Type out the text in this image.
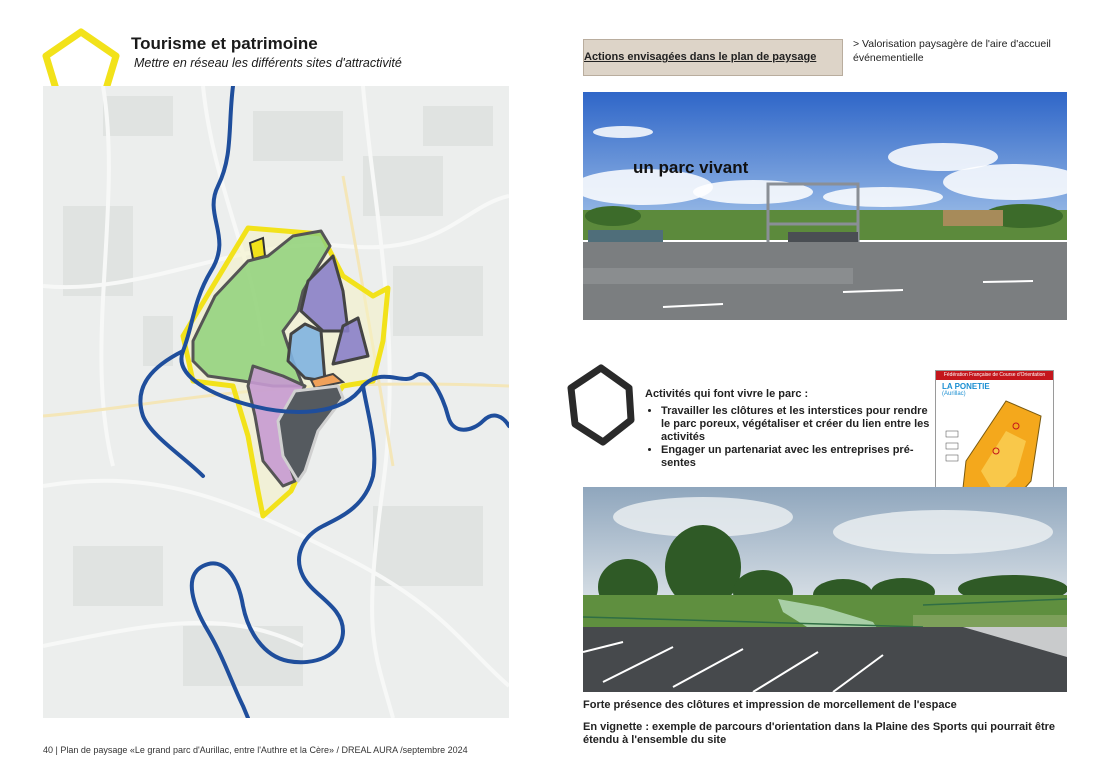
Tourisme et patrimoine
Mettre en réseau les différents sites d'attractivité	Actions envisagées dans le plan de paysage
> Valorisation paysagère de l'aire d'accueil événementielle
un parc vivant
Activités qui font vivre le parc :
• Travailler les clôtures et les interstices pour rendre le parc poreux, végétaliser et créer du lien entre les activités
• Engager un partenariat avec les entreprises pré-sentes
Fédération Française de Course d'Orientation
LA PONETIE
(Aurillac)
Forte présence des clôtures et impression de morcellement de l'espace
En vignette : exemple de parcours d'orientation dans la Plaine des Sports qui pourrait être étendu à l'ensemble du site
40 | Plan de paysage «Le grand parc d'Aurillac, entre l'Authre et la Cère» / DREAL AURA /septembre 2024
